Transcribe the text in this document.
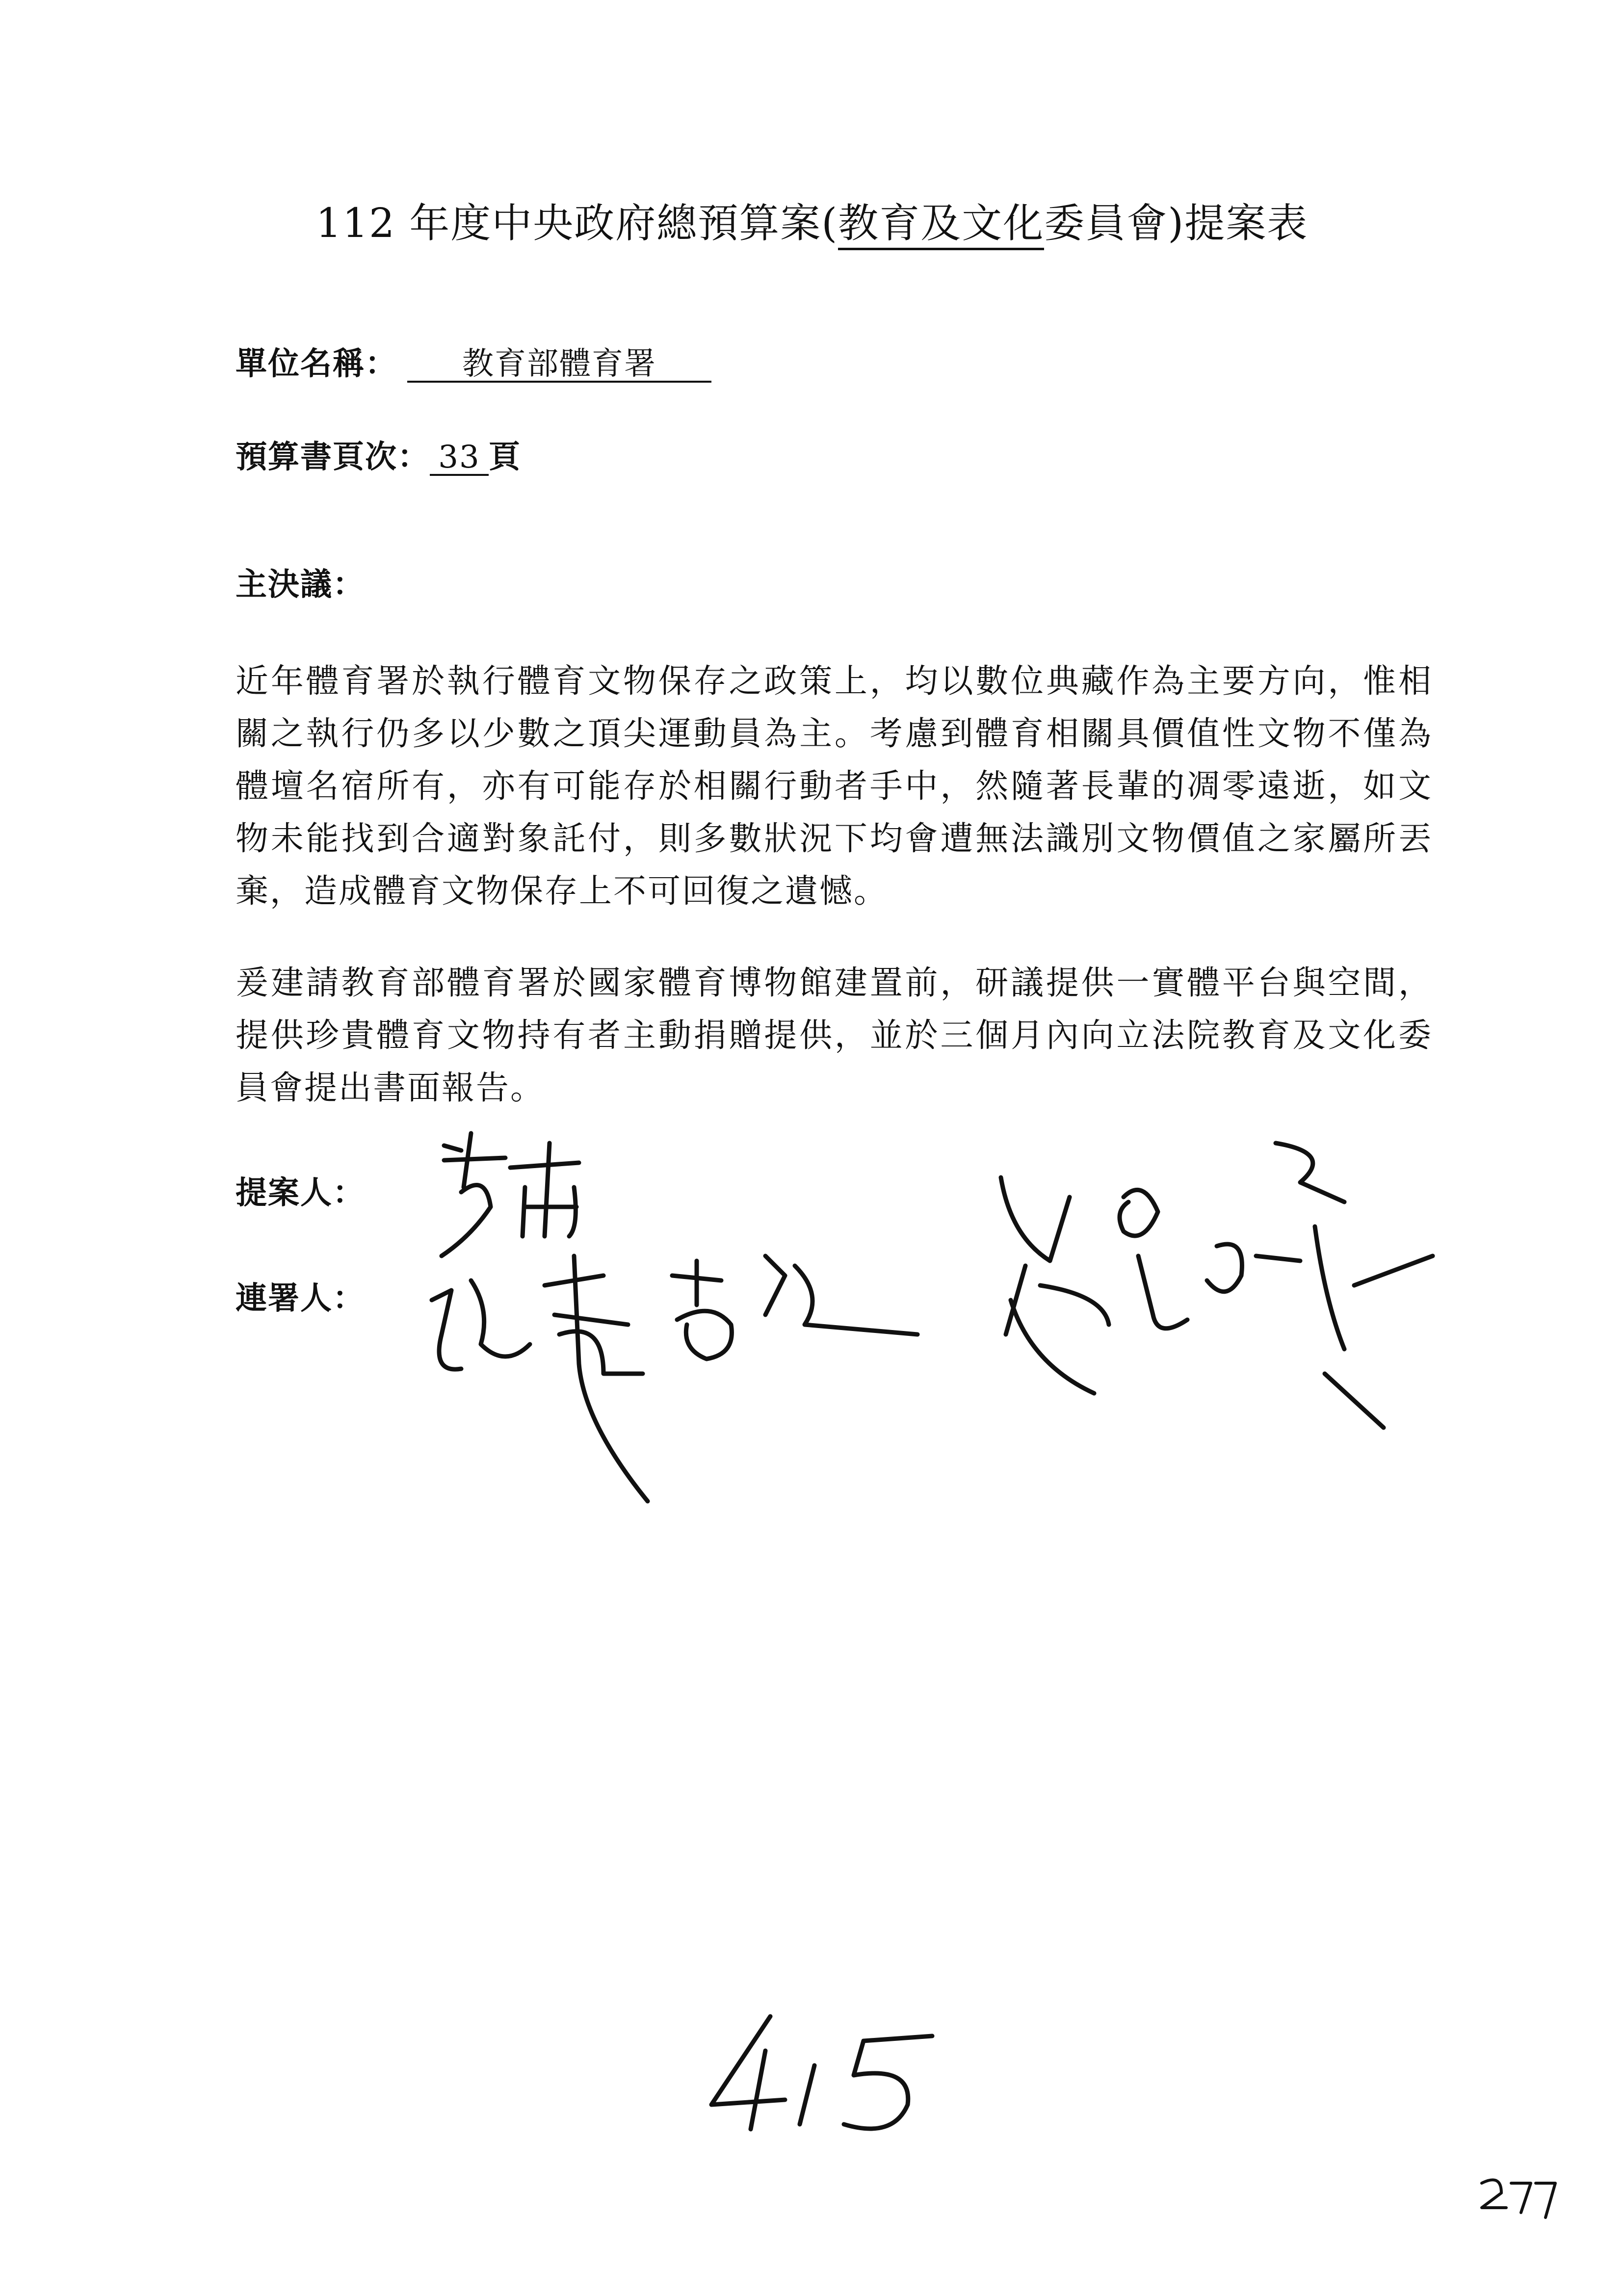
112 年度中央政府總預算案(教育及文化委員會)提案表
單位名稱： 教育部體育署
預算書頁次： 33 頁
主決議：
近年體育署於執行體育文物保存之政策上，均以數位典藏作為主要方向，惟相關之執行仍多以少數之頂尖運動員為主。考慮到體育相關具價值性文物不僅為體壇名宿所有，亦有可能存於相關行動者手中，然隨著長輩的凋零遠逝，如文物未能找到合適對象託付，則多數狀況下均會遭無法識別文物價值之家屬所丟棄，造成體育文物保存上不可回復之遺憾。
爰建請教育部體育署於國家體育博物館建置前，研議提供一實體平台與空間，提供珍貴體育文物持有者主動捐贈提供，並於三個月內向立法院教育及文化委員會提出書面報告。
提案人：
連署人：
